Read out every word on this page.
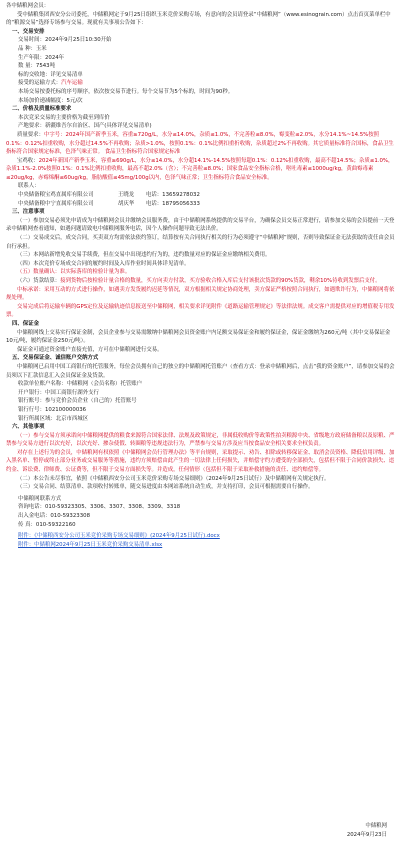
各中储粮网会员：

受中储粮集团西安分公司委托，中储粮网定于9月25日组织玉米竞价采购专场，有意向的会员请登录“中储粮网”（www.esinograin.com）点击首页菜单栏中的“粮源交易”选择专场参与交易。现就有关事项公告如下：

一、交易安排

交易时间：2024年9月25日10:30开始

品 种：玉米

生产年限：2024年

数 量：7543吨

标的交收地：详见交易清单

接受的运输方式：汽车运输

本场交易按委托标的序号顺序，依次按交易节进行。每个交易节为5个标的，时间为90秒。

本场加价递减幅度：5元/次

二、价格及质量标准要求

本次竞采交易的主要价格为截至到库价

产地要求：新疆维吾尔自治区、国产(具体详见交易清单)

质量要求：中字号：2024年国产新季玉米，容重≥720g/L，水分≤14.0%，杂质≤1.0%，不完善粒≤8.0%，霉变粒≤2.0%，水分14.1%~14.5%按照0.1%：0.12%扣重收购，水分超过14.5%不再收购；杂质>1.0%，按照0.1%：0.1%比例扣重折收购，杂质超过2%不再收购。其它质量标准符合国标，食品卫生指标符合国家规定标准，色泽气味正常。 食品卫生指标符合国家规定标准

宝鸡收：2024年新国产新季玉米，容重≥690g/L，水分≤14.0%，水分超14.1%-14.5%按照每超0.1%：0.12%扣重收购，最高不超14.5%；杂质≤1.0%，杂质1.1%-2.0%按照0.1%：0.1%比例扣重收购，最高不超2.0%（含）；不完善粒≤8.0%；国家食品安全指标合格，呕吐毒素≤1000ug/kg，黄曲霉毒素≤20ug/kg，赤霉烯酮≤60ug/kg，脂肪酸值≤45mg/100g以内，色泽气味正常；卫生指标符合食品安全标准。

联系人：

中央储备粮宝鸡直属库有限公司	王晓龙	电话：13659278032
中央储备粮中宁直属库有限公司	胡庆华	电话：18795056333

三、注意事项

（一）参加交易必须先申请成为中储粮网会员并缴纳会员服务费，由于中储粮网系统提供的交易平台，为确保会员交易正常进行，请参加交易的会员提前一天登录中储粮网查看通知，如遇问题请致电中储粮网服务电话，因个人操作问题导致无法出价。

（二）交易成交后，成交合同，买卖双方均需依法依约签订，结算按有关合同执行相关的行为必须遵守“中储粮网”规则，否则导致保证金无法获取的责任由会员自行承担。

（三）本网站新增免收交易手续费，但在交易中出现违约行为的，违约数量对应的保证金应缴纳相关费用。

（四）本次竞价专场成交合同的履约时间及入库作业时间具体详见清单。

（五）数量确认：以实际落库的检验计量为准。

（六）货款结算：接到货物后按检验计量合格的数量，买方向卖方付款，买方验收合格入库后支付该批次货款的90%货款，剩余10%待收到发票后支付。

中标承诺：采用互动的方式进行操作，如遇卖方发货履约迟延等情况，双方根据相关规定协商处理，卖方保证严格按照合同执行，如遇欺诈行为，中储粮网将依规处理。

交易完成后将运输车辆的GPS定位及运输轨迹信息报送至中储粮网，相关要求详见附件《道路运输管理规定》等法律法规。成交客户需提供对应的增值税专用发票。

四、保证金

中储粮网线上交易实行保证金制，会员企业参与交易需缴纳中储粮网会员资金账户内足额交易保证金和履约保证金，保证金缴纳为260元/吨（其中交易保证金10元/吨，履约保证金250元/吨）。

保证金可通过资金账户直接充值，方可在中储粮网进行交易。

五、交易保证金、诚信账户交纳方式

中储粮网已启用中国工商银行的托管服务，每位会员拥有自己的独立的中储粮网托管账户（查看方式：登录中储粮网后，点击“我的资金账户”，请参加交易的会员须以下汇款信息汇入会员保证金及货款。

收款单位账户名称：中储粮网（会员名称）托管账户

开户银行：中国工商银行湖外支行

银行账号：参与竞价会员企业（自己的）托管账号

银行行号：102100000036

银行所属区域：北京市西城区

六、其他事项

（一）参与交易方须承诺向中储粮网提供的粮食来源符合国家法律、法规及政策规定，非属低收购价等政策性拍卖粮源中央、省级地方政府储备粮以及原粮、严禁参与交易方进行以次充好，以次充好、掺杂使假、转圈粮等违规违法行为，严禁参与交易方涉及应当按食品安全相关要求全权负责。

对存在上述行为的会员，中储粮网有权依照《中储粮网会员行管理办法》等平台规则，采取提示、劝告、扣除或转移保证金、取消会员资格、降低信用评级、加入黑名单、暂停或终止部分业务或交易服务等措施，违约方须赔偿由此产生的一切法律上任何损失，并赔偿守约方遭受的全部损失，包括但不限于合同价款损失、违约金、诉讼费、律师费、公证费等，但不限于交易方面损失等。并造成，任何情形（包括但不限于采取补救措施的责任、违约赔偿等。

（二）本公告未尽事宜，依照《中储粮西安分公司玉米竞价采购专场交易细则》（2024年9月25日试行）及中储粮网有关规定执行。

（三）交易合同、结算清单、款项收付转账单，随交易进度由本网站系统自动生成，并支持打印，会员可根据需要自行操作。

中储粮网联系方式

咨询电话：010-59323305、3306、3307、3308、3309、3318

出入金电话：010-59323308

传 真：010-59322160

附件：《中储粮西安分公司玉米竞价采购专场交易细则》(2024年9月25日试行).docx

附件：中储粮网2024年9月25日玉米竞价采购交易清单.xlsx

中储粮网

2024年9月23日
